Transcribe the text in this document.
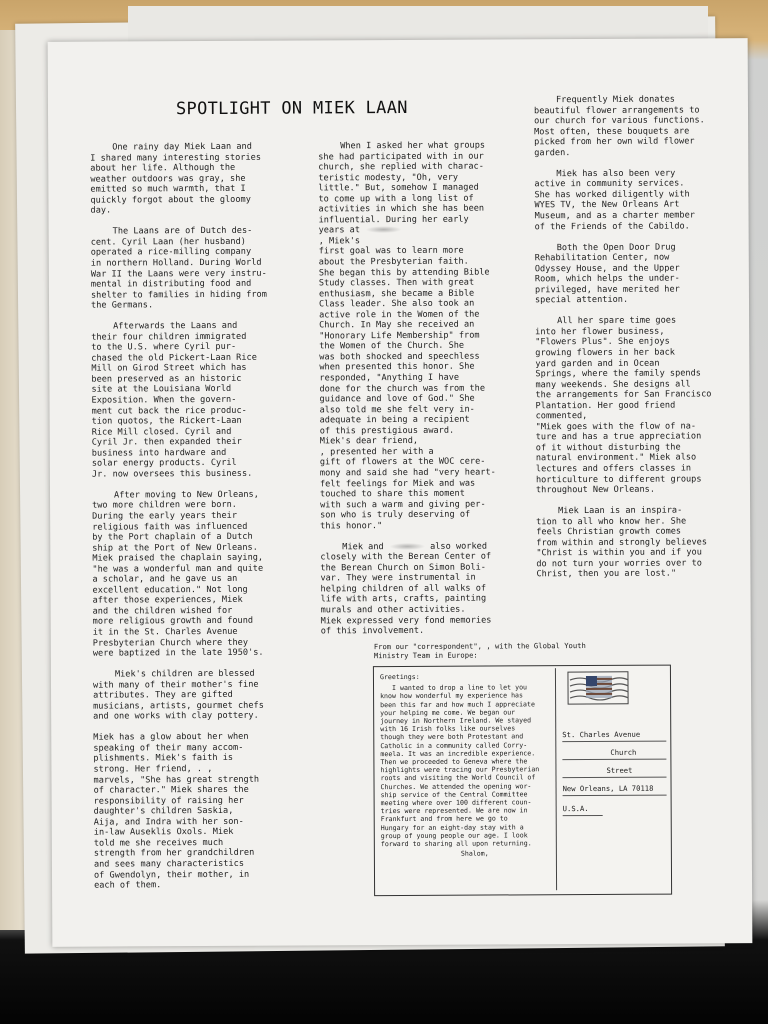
SPOTLIGHT ON MIEK LAAN

One rainy day Miek Laan and
I shared many interesting stories
about her life. Although the
weather outdoors was gray, she
emitted so much warmth, that I
quickly forgot about the gloomy
day.

The Laans are of Dutch des-
cent. Cyril Laan (her husband)
operated a rice-milling company
in northern Holland. During World
War II the Laans were very instru-
mental in distributing food and
shelter to families in hiding from
the Germans.

Afterwards the Laans and
their four children immigrated
to the U.S. where Cyril pur-
chased the old Pickert-Laan Rice
Mill on Girod Street which has
been preserved as an historic
site at the Louisiana World
Exposition. When the govern-
ment cut back the rice produc-
tion quotos, the Rickert-Laan
Rice Mill closed. Cyril and
Cyril Jr. then expanded their
business into hardware and
solar energy products. Cyril
Jr. now oversees this business.

After moving to New Orleans,
two more children were born.
During the early years their
religious faith was influenced
by the Port chaplain of a Dutch
ship at the Port of New Orleans.
Miek praised the chaplain saying,
"he was a wonderful man and quite
a scholar, and he gave us an
excellent education." Not long
after those experiences, Miek
and the children wished for
more religious growth and found
it in the St. Charles Avenue
Presbyterian Church where they
were baptized in the late 1950's.

Miek's children are blessed
with many of their mother's fine
attributes. They are gifted
musicians, artists, gourmet chefs
and one works with clay pottery.

Miek has a glow about her when
speaking of their many accom-
plishments. Miek's faith is
strong. Her friend, . ,
marvels, "She has great strength
of character." Miek shares the
responsibility of raising her
daughter's children Saskia,
Aija, and Indra with her son-
in-law Auseklis Oxols. Miek
told me she receives much
strength from her grandchildren
and sees many characteristics
of Gwendolyn, their mother, in
each of them.

When I asked her what groups
she had participated with in our
church, she replied with charac-
teristic modesty, "Oh, very
little." But, somehow I managed
to come up with a long list of
activities in which she has been
influential. During her early
years at

, Miek's
first goal was to learn more
about the Presbyterian faith.
She began this by attending Bible
Study classes. Then with great
enthusiasm, she became a Bible
Class leader. She also took an
active role in the Women of the
Church. In May she received an
"Honorary Life Membership" from
the Women of the Church. She
was both shocked and speechless
when presented this honor. She
responded, "Anything I have
done for the church was from the
guidance and love of God." She
also told me she felt very in-
adequate in being a recipient
of this prestigious award.
Miek's dear friend,
, presented her with a
gift of flowers at the WOC cere-
mony and said she had "very heart-
felt feelings for Miek and was
touched to share this moment
with such a warm and giving per-
son who is truly deserving of
this honor."

Miek and	also worked
closely with the Berean Center of
the Berean Church on Simon Boli-
var. They were instrumental in
helping children of all walks of
life with arts, crafts, painting
murals and other activities.
Miek expressed very fond memories
of this involvement.

Frequently Miek donates
beautiful flower arrangements to
our church for various functions.
Most often, these bouquets are
picked from her own wild flower
garden.

Miek has also been very
active in community services.
She has worked diligently with
WYES TV, the New Orleans Art
Museum, and as a charter member
of the Friends of the Cabildo.

Both the Open Door Drug
Rehabilitation Center, now
Odyssey House, and the Upper
Room, which helps the under-
privileged, have merited her
special attention.

All her spare time goes
into her flower business,
"Flowers Plus". She enjoys
growing flowers in her back
yard garden and in Ocean
Springs, where the family spends
many weekends. She designs all
the arrangements for San Francisco
Plantation. Her good friend
commented,
"Miek goes with the flow of na-
ture and has a true appreciation
of it without disturbing the
natural environment." Miek also
lectures and offers classes in
horticulture to different groups
throughout New Orleans.

Miek Laan is an inspira-
tion to all who know her. She
feels Christian growth comes
from within and strongly believes
"Christ is within you and if you
do not turn your worries over to
Christ, then you are lost."

From our "correspondent", , with the Global Youth

Ministry Team in Europe:

Greetings:

I wanted to drop a line to let you
know how wonderful my experience has
been this far and how much I appreciate
your helping me come. We began our
journey in Northern Ireland. We stayed
with 16 Irish folks like ourselves
though they were both Protestant and
Catholic in a community called Corry-
meela. It was an incredible experience.
Then we proceeded to Geneva where the
highlights were tracing our Presbyterian
roots and visiting the World Council of
Churches. We attended the opening wor-
ship service of the Central Committee
meeting where over 100 different coun-
tries were represented. We are now in
Frankfurt and from here we go to
Hungary for an eight-day stay with a
group of young people our age. I look
forward to sharing all upon returning.

Shalom,

St. Charles Avenue
Church
Street
New Orleans, LA 70118
U.S.A.
